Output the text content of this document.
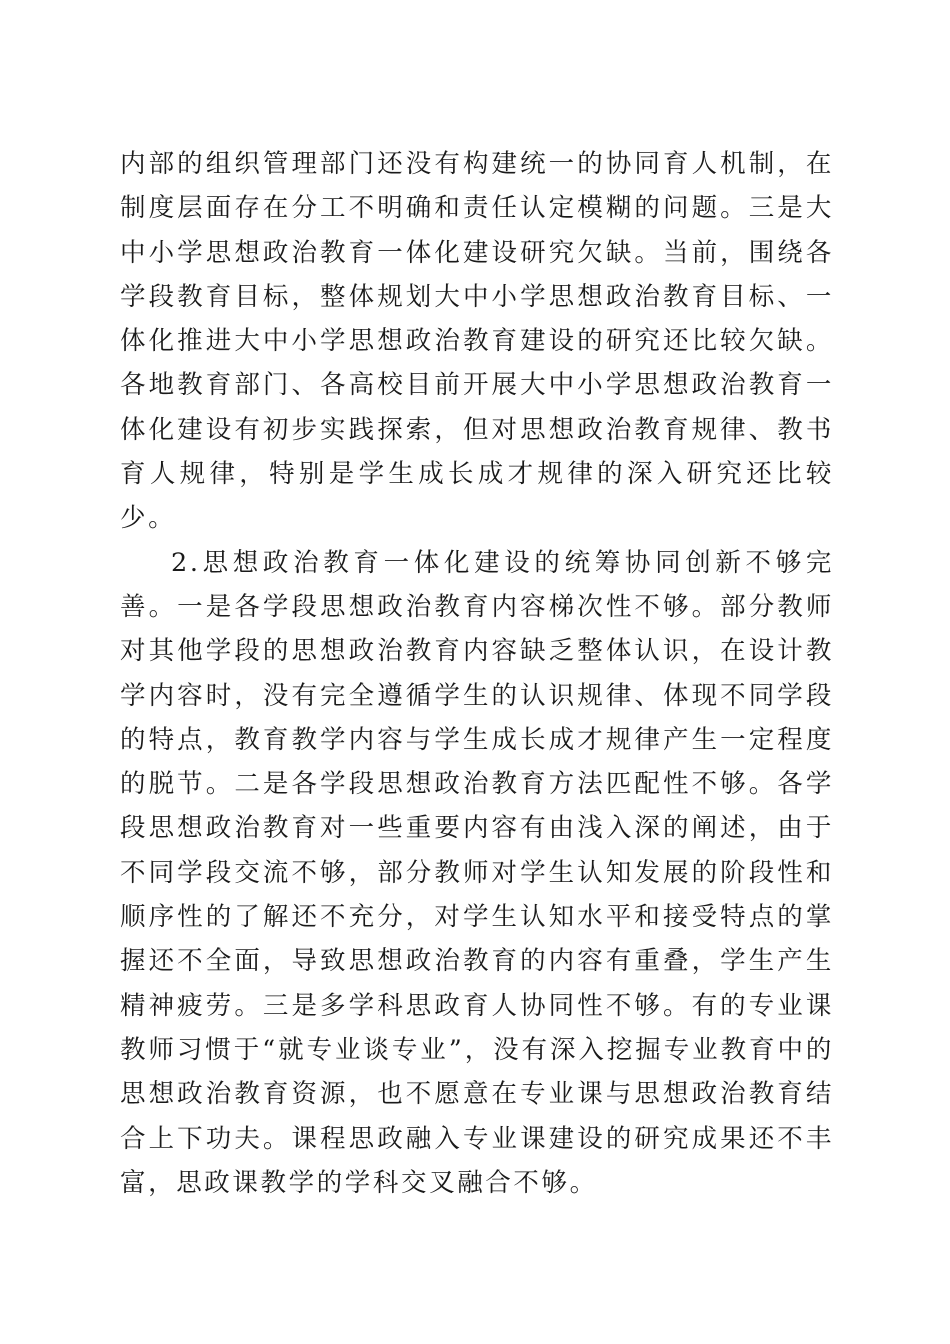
内部的组织管理部门还没有构建统一的协同育人机制，在制度层面存在分工不明确和责任认定模糊的问题。三是大中小学思想政治教育一体化建设研究欠缺。当前，围绕各学段教育目标，整体规划大中小学思想政治教育目标、一体化推进大中小学思想政治教育建设的研究还比较欠缺。各地教育部门、各高校目前开展大中小学思想政治教育一体化建设有初步实践探索，但对思想政治教育规律、教书育人规律，特别是学生成长成才规律的深入研究还比较少。

2.思想政治教育一体化建设的统筹协同创新不够完善。一是各学段思想政治教育内容梯次性不够。部分教师对其他学段的思想政治教育内容缺乏整体认识，在设计教学内容时，没有完全遵循学生的认识规律、体现不同学段的特点，教育教学内容与学生成长成才规律产生一定程度的脱节。二是各学段思想政治教育方法匹配性不够。各学段思想政治教育对一些重要内容有由浅入深的阐述，由于不同学段交流不够，部分教师对学生认知发展的阶段性和顺序性的了解还不充分，对学生认知水平和接受特点的掌握还不全面，导致思想政治教育的内容有重叠，学生产生精神疲劳。三是多学科思政育人协同性不够。有的专业课教师习惯于“就专业谈专业”，没有深入挖掘专业教育中的思想政治教育资源，也不愿意在专业课与思想政治教育结合上下功夫。课程思政融入专业课建设的研究成果还不丰富，思政课教学的学科交叉融合不够。
